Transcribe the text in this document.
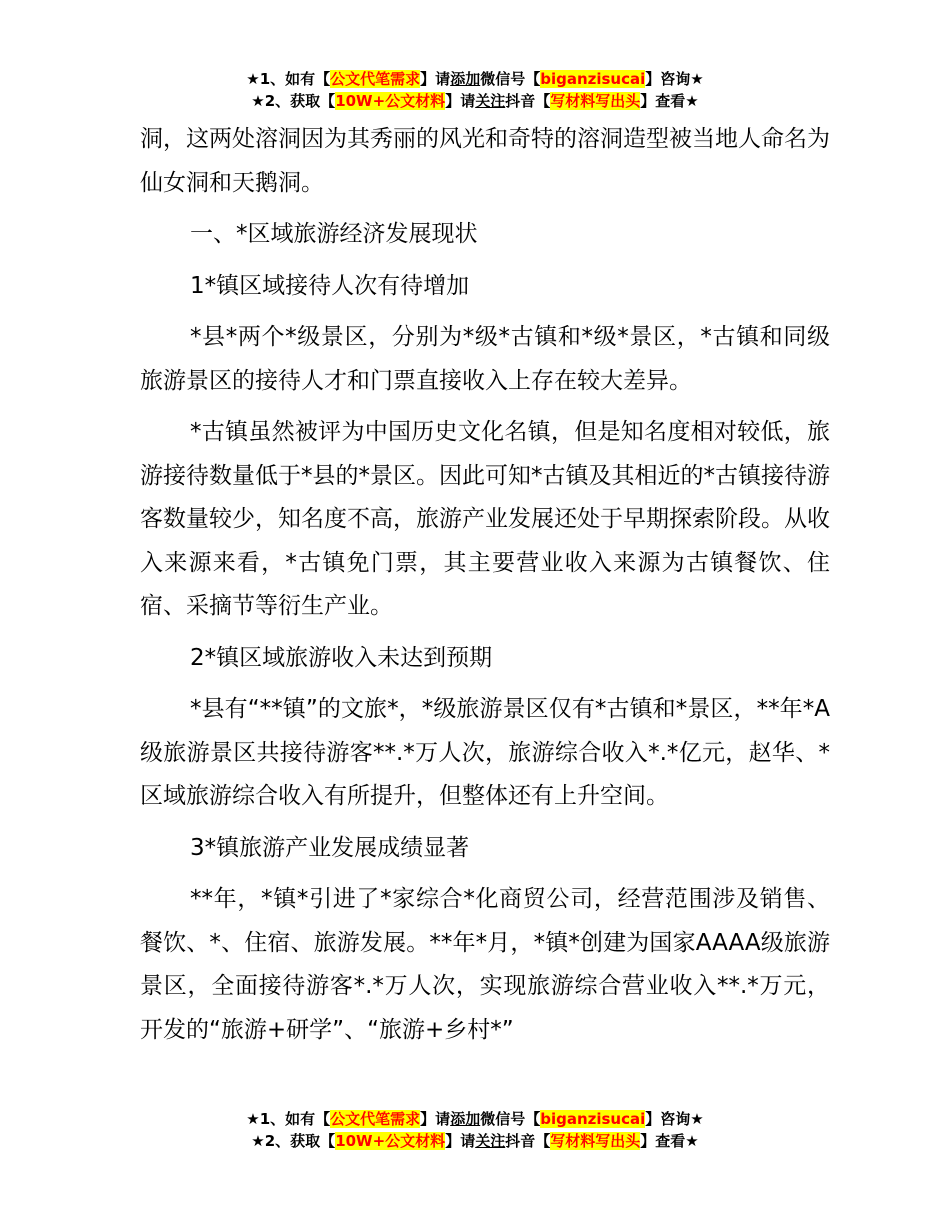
★1、如有【公文代笔需求】请添加微信号【biganzisucai】咨询★
★2、获取【10W+公文材料】请关注抖音【写材料写出头】查看★

洞，这两处溶洞因为其秀丽的风光和奇特的溶洞造型被当地人命名为仙女洞和天鹅洞。

一、*区域旅游经济发展现状

1*镇区域接待人次有待增加

*县*两个*级景区，分别为*级*古镇和*级*景区，*古镇和同级旅游景区的接待人才和门票直接收入上存在较大差异。

*古镇虽然被评为中国历史文化名镇，但是知名度相对较低，旅游接待数量低于*县的*景区。因此可知*古镇及其相近的*古镇接待游客数量较少，知名度不高，旅游产业发展还处于早期探索阶段。从收入来源来看，*古镇免门票，其主要营业收入来源为古镇餐饮、住宿、采摘节等衍生产业。

2*镇区域旅游收入未达到预期

*县有“**镇”的文旅*，*级旅游景区仅有*古镇和*景区，**年*A级旅游景区共接待游客**.*万人次，旅游综合收入*.*亿元，赵华、*区域旅游综合收入有所提升，但整体还有上升空间。

3*镇旅游产业发展成绩显著

**年，*镇*引进了*家综合*化商贸公司，经营范围涉及销售、餐饮、*、住宿、旅游发展。**年*月，*镇*创建为国家AAAA级旅游景区，全面接待游客*.*万人次，实现旅游综合营业收入**.*万元，开发的“旅游+研学”、“旅游+乡村*”

★1、如有【公文代笔需求】请添加微信号【biganzisucai】咨询★
★2、获取【10W+公文材料】请关注抖音【写材料写出头】查看★
